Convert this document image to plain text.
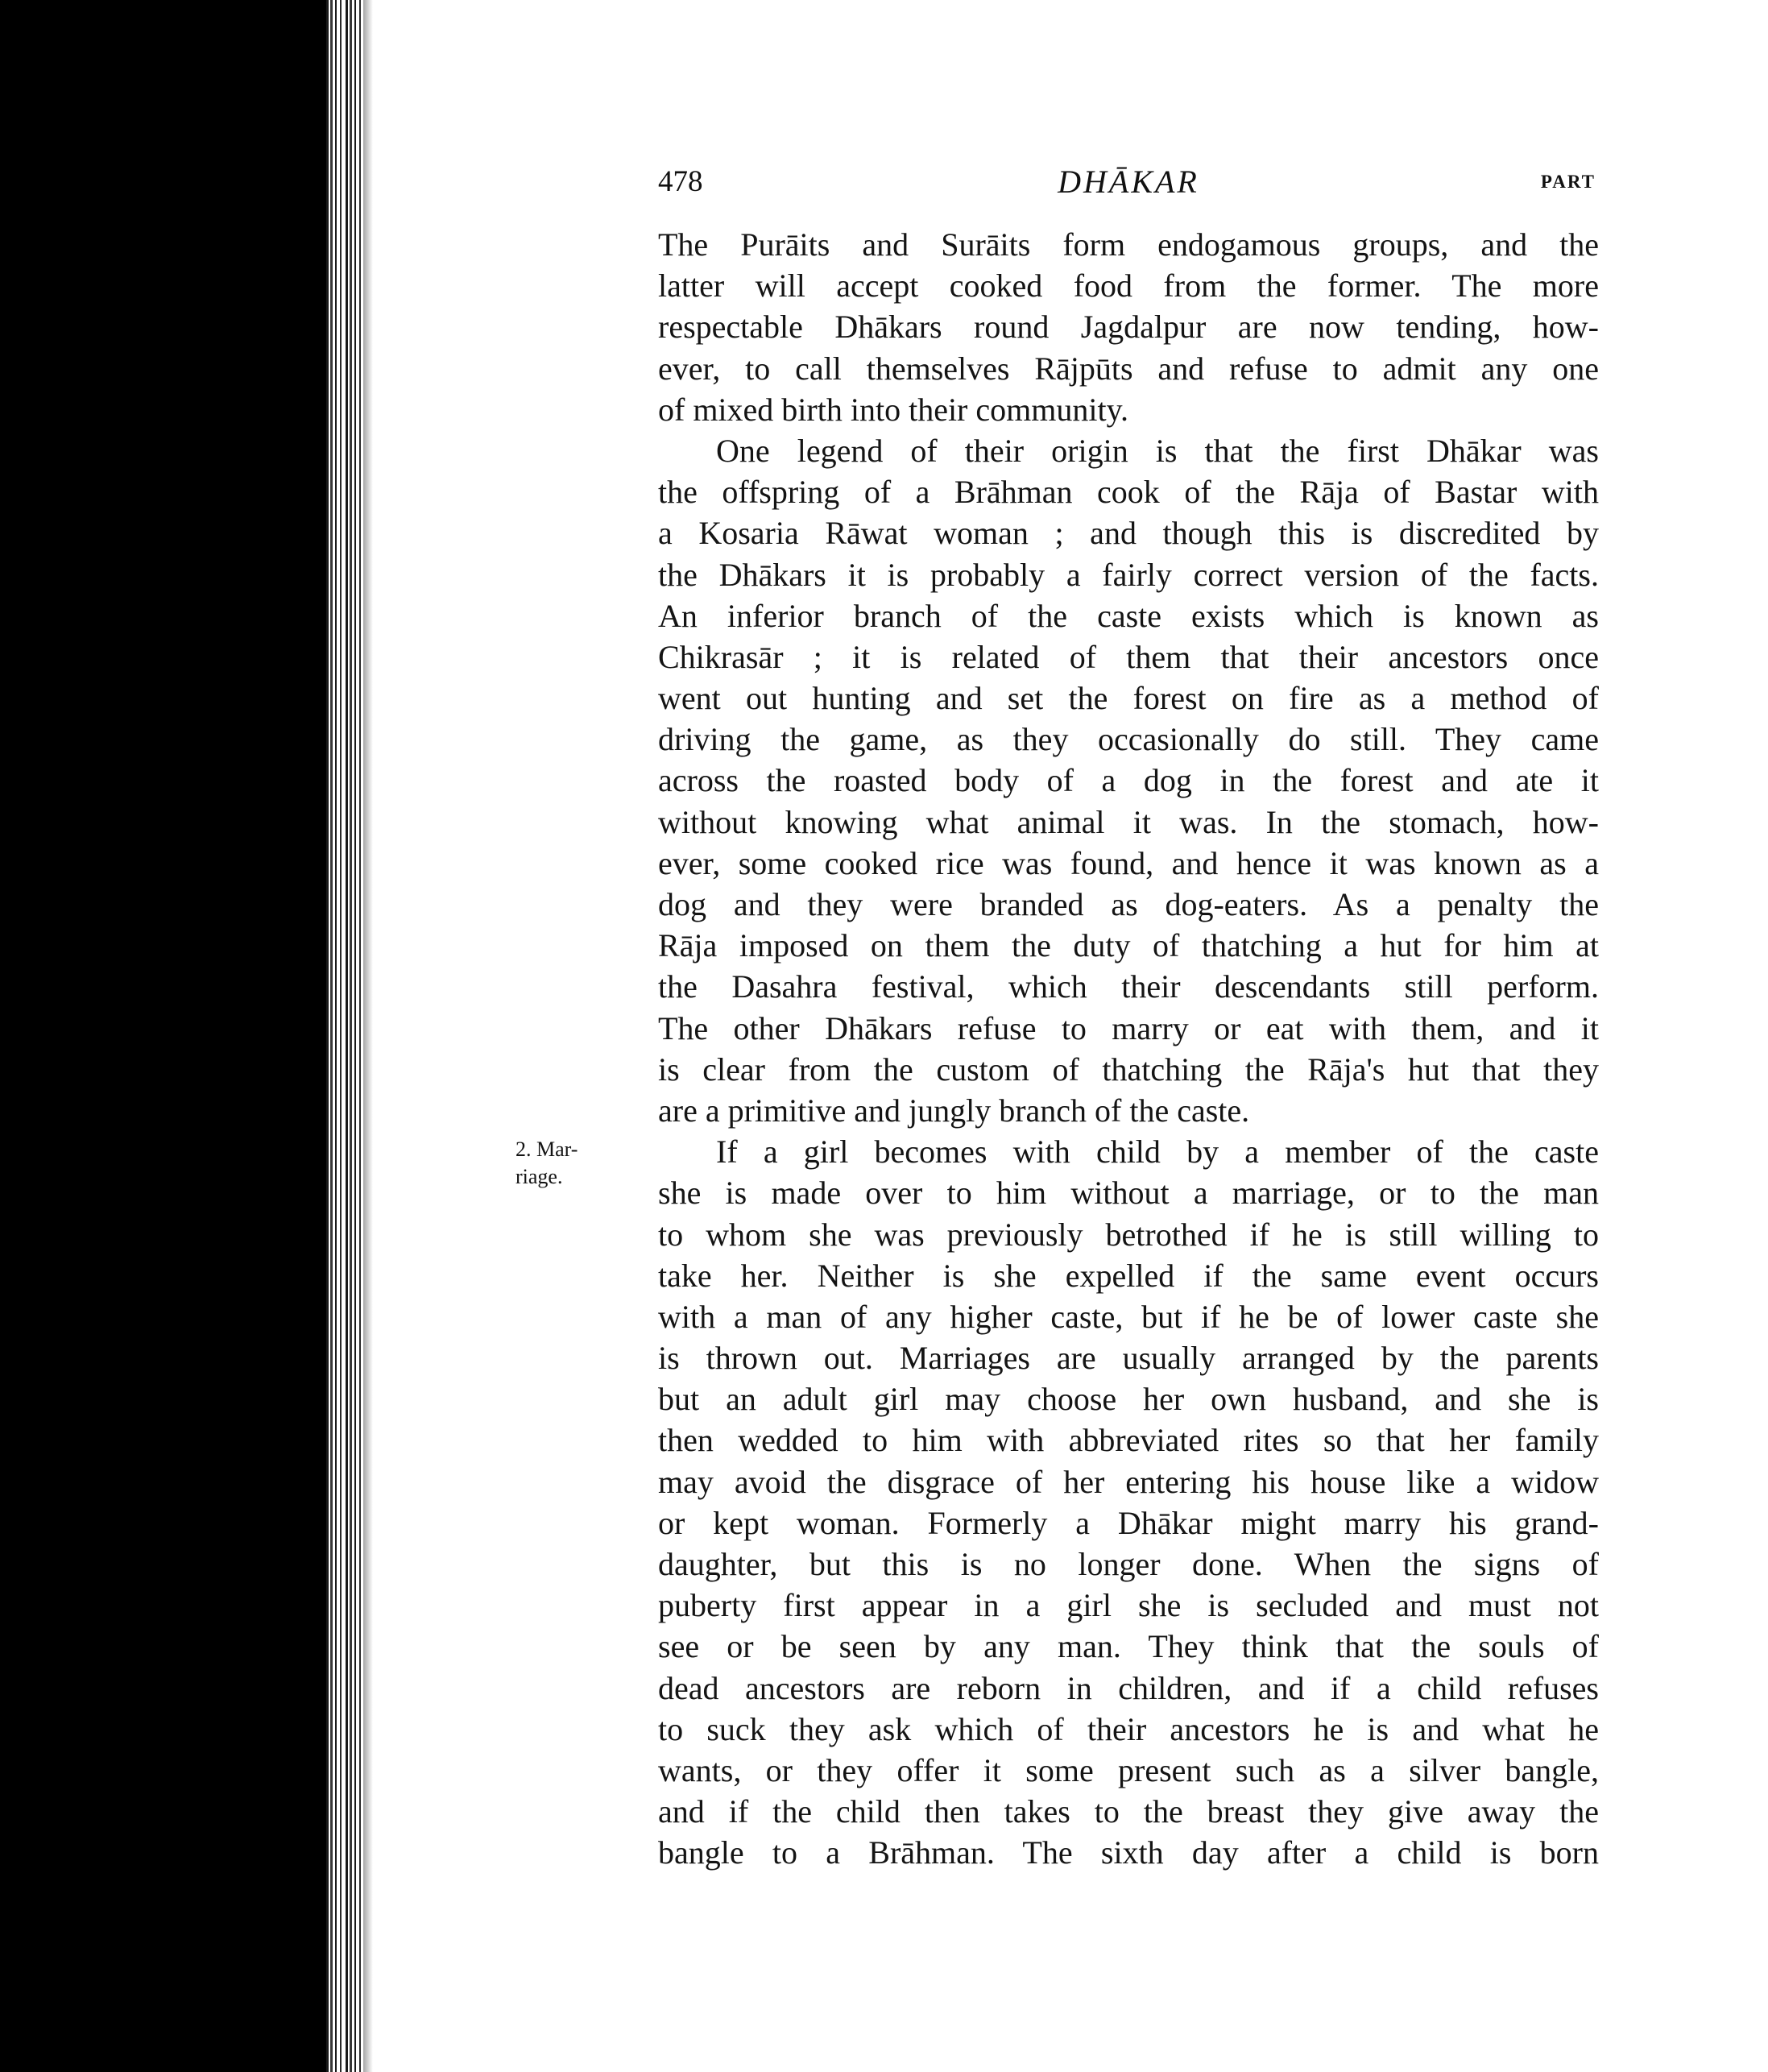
478	DHĀKAR	PART
2. Mar-
riage.
The Purāits and Surāits form endogamous groups, and the
latter will accept cooked food from the former. The more
respectable Dhākars round Jagdalpur are now tending, how-
ever, to call themselves Rājpūts and refuse to admit any one
of mixed birth into their community.
One legend of their origin is that the first Dhākar was
the offspring of a Brāhman cook of the Rāja of Bastar with
a Kosaria Rāwat woman ; and though this is discredited by
the Dhākars it is probably a fairly correct version of the facts.
An inferior branch of the caste exists which is known as
Chikrasār ; it is related of them that their ancestors once
went out hunting and set the forest on fire as a method of
driving the game, as they occasionally do still. They came
across the roasted body of a dog in the forest and ate it
without knowing what animal it was. In the stomach, how-
ever, some cooked rice was found, and hence it was known as a
dog and they were branded as dog-eaters. As a penalty the
Rāja imposed on them the duty of thatching a hut for him at
the Dasahra festival, which their descendants still perform.
The other Dhākars refuse to marry or eat with them, and it
is clear from the custom of thatching the Rāja's hut that they
are a primitive and jungly branch of the caste.
If a girl becomes with child by a member of the caste
she is made over to him without a marriage, or to the man
to whom she was previously betrothed if he is still willing to
take her. Neither is she expelled if the same event occurs
with a man of any higher caste, but if he be of lower caste she
is thrown out. Marriages are usually arranged by the parents
but an adult girl may choose her own husband, and she is
then wedded to him with abbreviated rites so that her family
may avoid the disgrace of her entering his house like a widow
or kept woman. Formerly a Dhākar might marry his grand-
daughter, but this is no longer done. When the signs of
puberty first appear in a girl she is secluded and must not
see or be seen by any man. They think that the souls of
dead ancestors are reborn in children, and if a child refuses
to suck they ask which of their ancestors he is and what he
wants, or they offer it some present such as a silver bangle,
and if the child then takes to the breast they give away the
bangle to a Brāhman. The sixth day after a child is born
